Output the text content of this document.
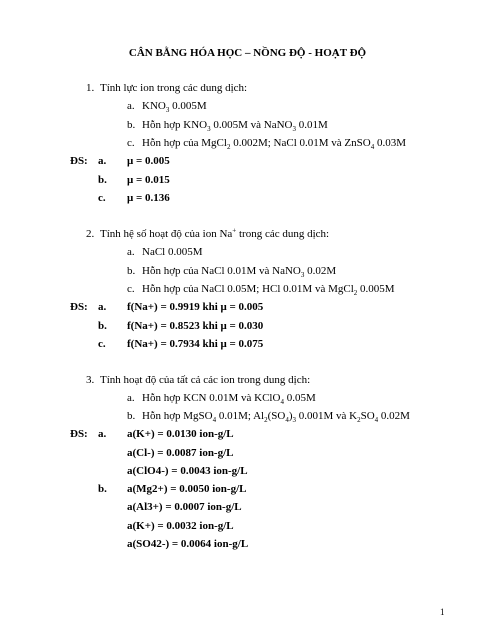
CÂN BẰNG HÓA HỌC – NỒNG ĐỘ - HOẠT ĐỘ
1. Tính lực ion trong các dung dịch:
a. $KNO_3$ 0.005M
b. Hỗn hợp $KNO_3$ 0.005M và NaNO$_3$ 0.01M
c. Hỗn hợp của MgCl$_2$ 0.002M; NaCl 0.01M và ZnSO$_4$ 0.03M
ĐS: a. μ = 0.005
b. μ = 0.015
c. μ = 0.136
2. Tính hệ số hoạt độ của ion Na+ trong các dung dịch:
a. NaCl 0.005M
b. Hỗn hợp của NaCl 0.01M và NaNO$_3$ 0.02M
c. Hỗn hợp của NaCl 0.05M; HCl 0.01M và MgCl$_2$ 0.005M
ĐS: a. f(Na+) = 0.9919 khi μ = 0.005
b. f(Na+) = 0.8523 khi μ = 0.030
c. f(Na+) = 0.7934 khi μ = 0.075
3. Tính hoạt độ của tất cả các ion trong dung dịch:
a. Hỗn hợp KCN 0.01M và KClO$_4$ 0.05M
b. Hỗn hợp MgSO$_4$ 0.01M; $Al_2(SO_4)_3$ 0.001M và $K_2SO_4$ 0.02M
ĐS: a. a(K+) = 0.0130 ion-g/L
a(Cl-) = 0.0087 ion-g/L
a(ClO4-) = 0.0043 ion-g/L
b. a(Mg2+) = 0.0050 ion-g/L
a(Al3+) = 0.0007 ion-g/L
a(K+) = 0.0032 ion-g/L
a(SO42-) = 0.0064 ion-g/L
1
